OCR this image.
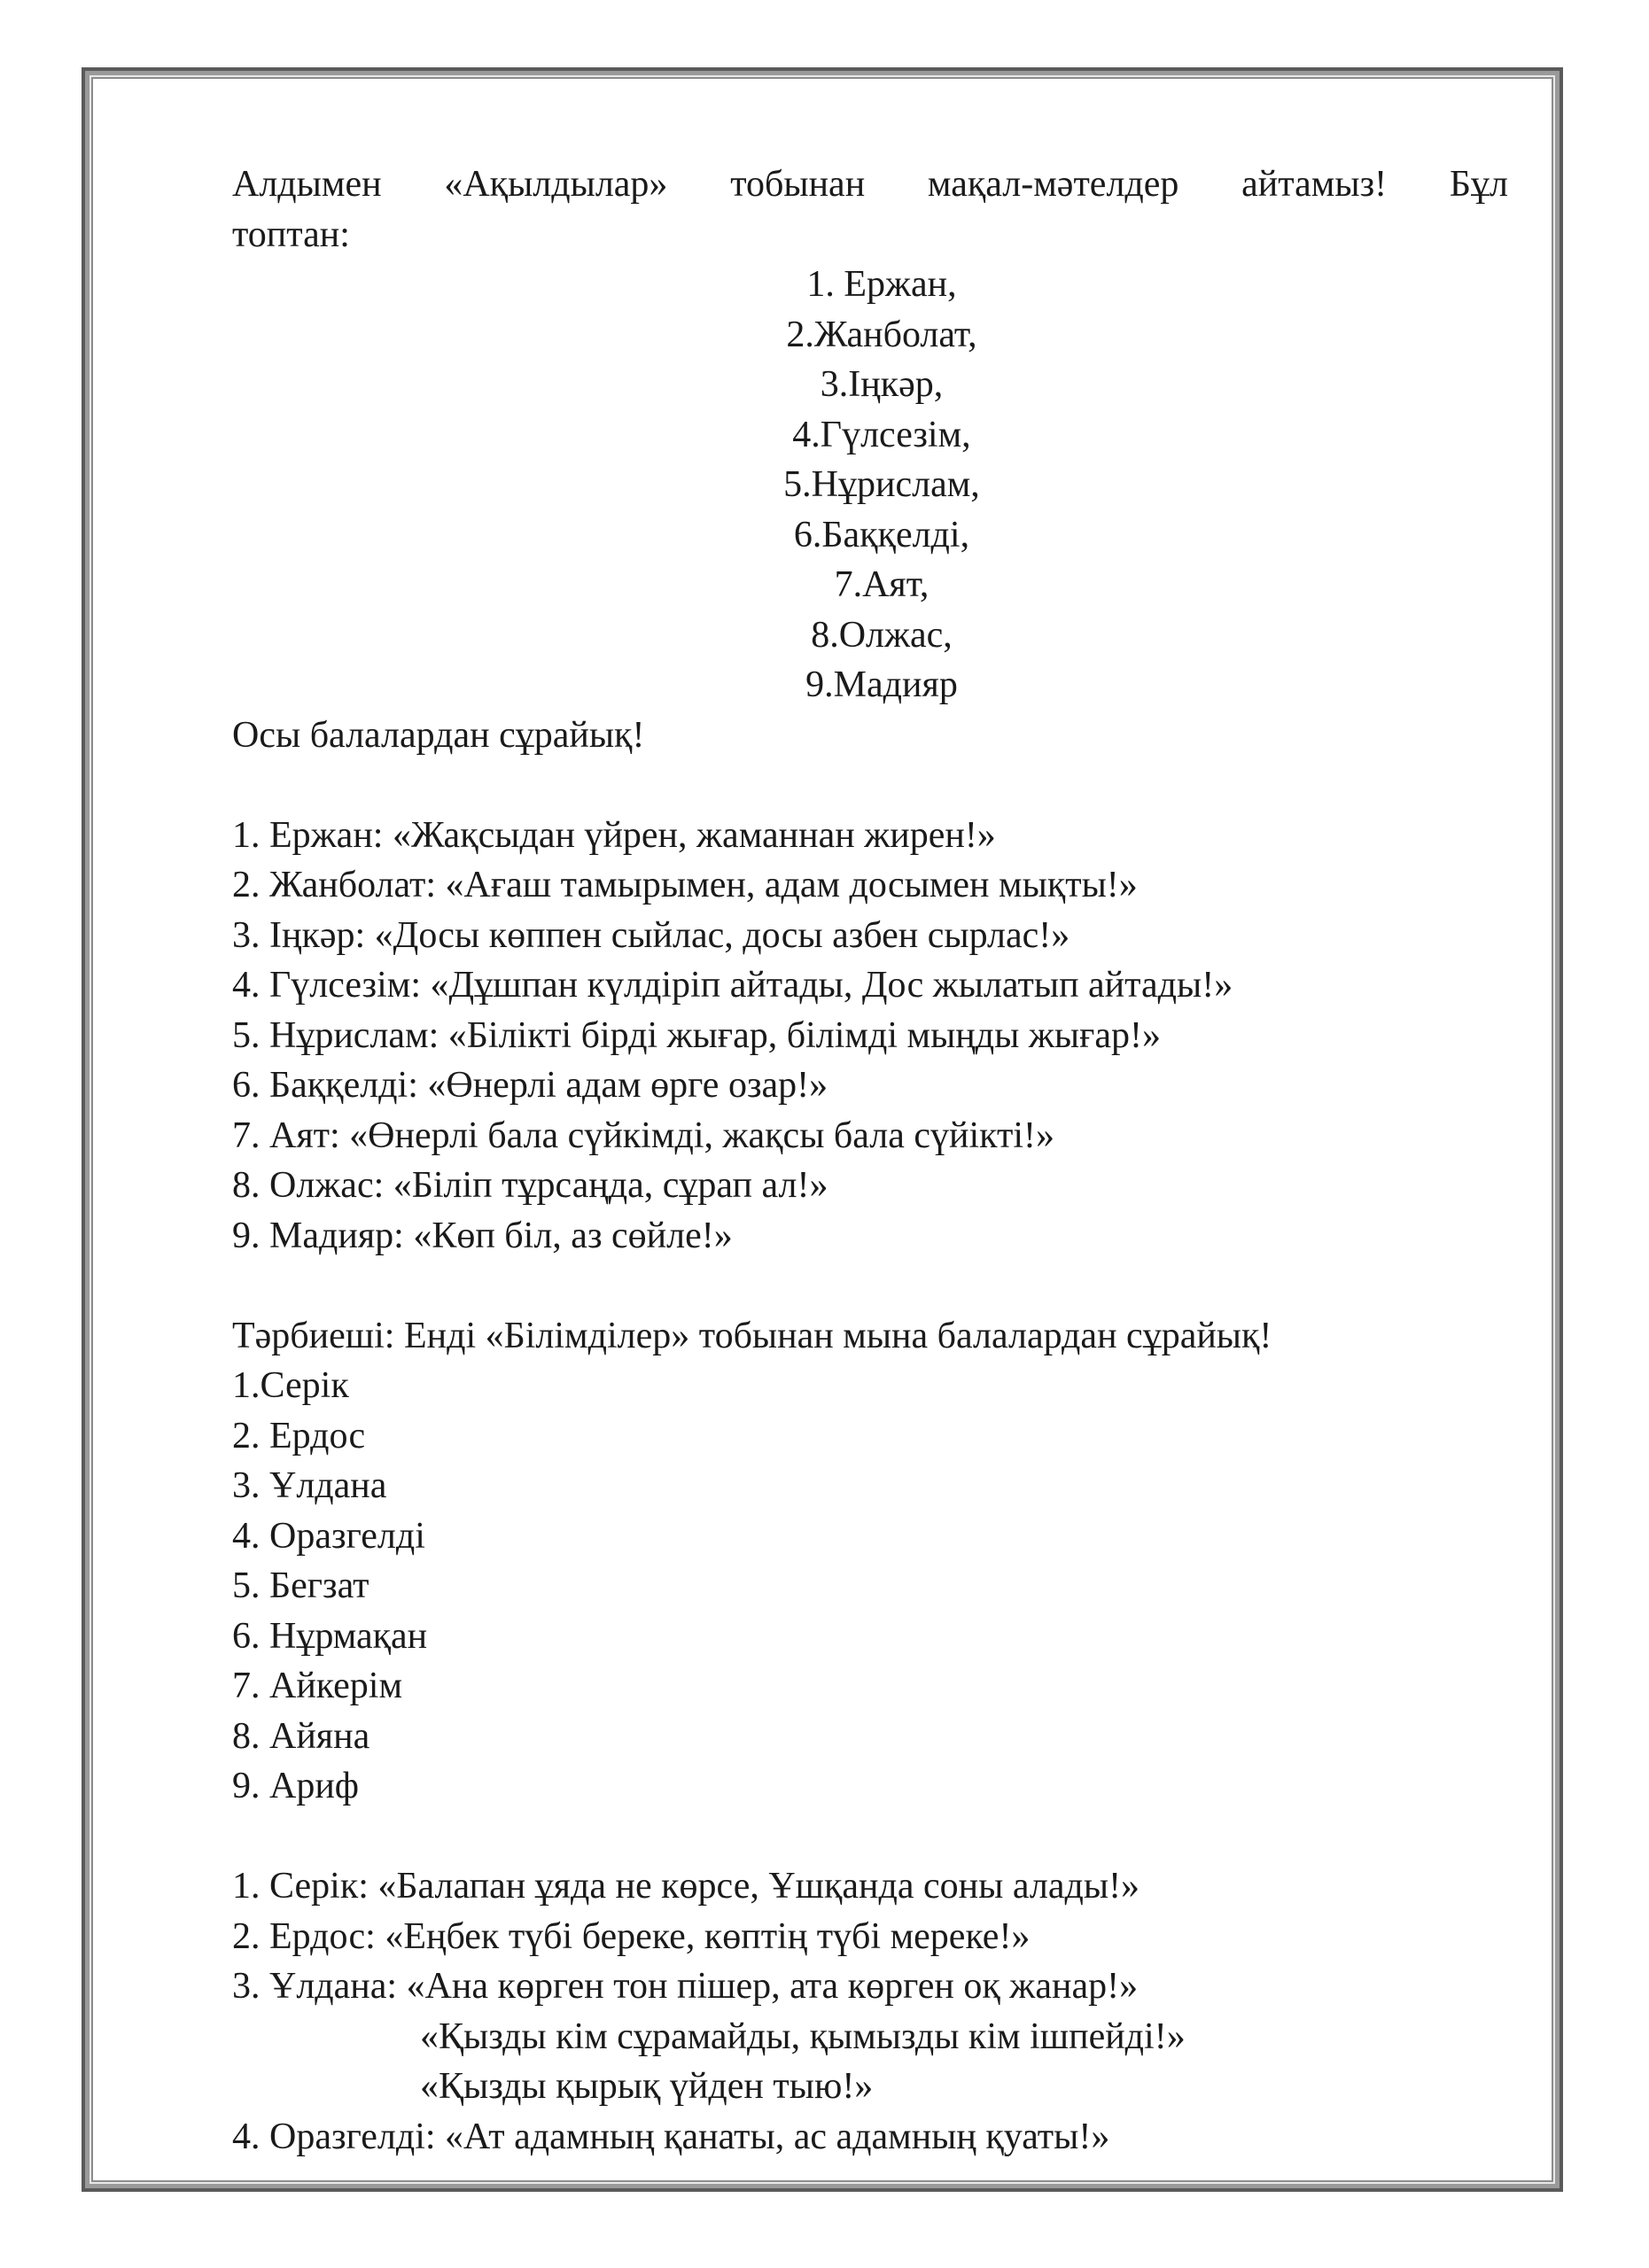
Алдымен «Ақылдылар» тобынан мақал-мәтелдер айтамыз! Бұл

топтан:

1. Ержан,

2.Жанболат,

3.Іңкәр,

4.Гүлсезім,

5.Нұрислам,

6.Баққелді,

7.Аят,

8.Олжас,

9.Мадияр

Осы балалардан сұрайық!

1. Ержан: «Жақсыдан үйрен, жаманнан жирен!»

2. Жанболат: «Ағаш тамырымен, адам досымен мықты!»

3. Іңкәр: «Досы көппен сыйлас, досы азбен сырлас!»

4. Гүлсезім: «Дұшпан күлдіріп айтады, Дос жылатып айтады!»

5. Нұрислам: «Білікті бірді жығар, білімді мыңды жығар!»

6. Баққелді: «Өнерлі адам өрге озар!»

7. Аят: «Өнерлі бала сүйкімді, жақсы бала сүйікті!»

8. Олжас: «Біліп тұрсаңда, сұрап ал!»

9. Мадияр: «Көп біл, аз сөйле!»

Тәрбиеші: Енді «Білімділер» тобынан мына балалардан сұрайық!

1.Серік

2. Ердос

3. Ұлдана

4. Оразгелді

5. Бегзат

6. Нұрмақан

7. Айкерім

8. Айяна

9. Ариф

1. Серік: «Балапан ұяда не көрсе, Ұшқанда соны алады!»

2. Ердос: «Еңбек түбі береке, көптің түбі мереке!»

3. Ұлдана: «Ана көрген тон пішер, ата көрген оқ жанар!»

«Қызды кім сұрамайды, қымызды кім ішпейді!»

«Қызды қырық үйден тыю!»

4. Оразгелді: «Ат адамның қанаты, ас адамның қуаты!»
